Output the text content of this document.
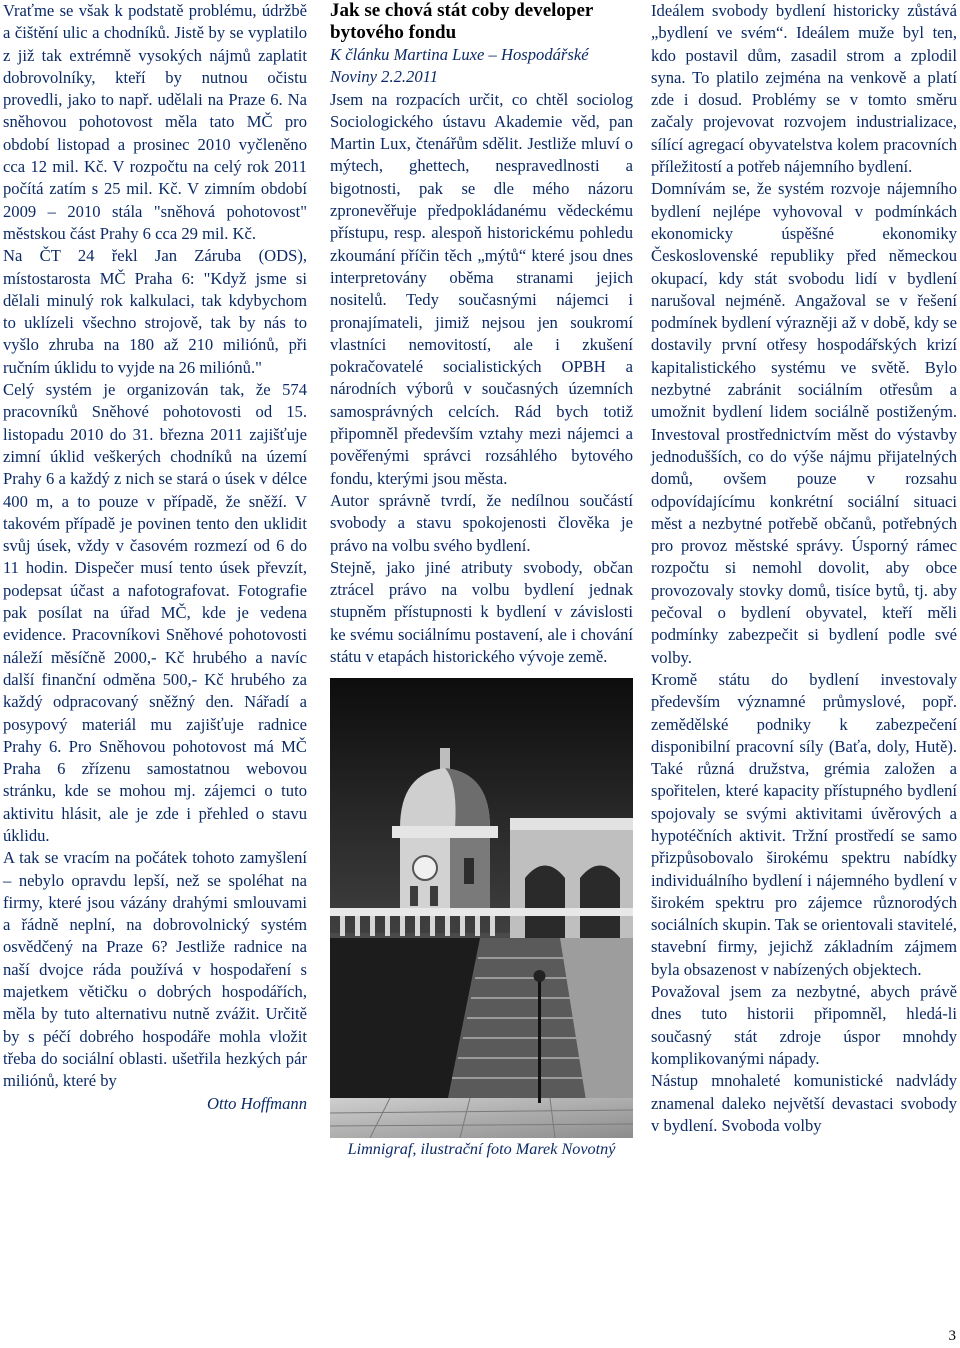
Vraťme se však k podstatě problému, údržbě a čištění ulic a chodníků. Jistě by se vyplatilo z již tak extrémně vysokých nájmů zaplatit dobrovolníky, kteří by nutnou očistu provedli, jako to např. udělali na Praze 6. Na sněhovou pohotovost měla tato MČ pro období listopad a prosinec 2010 vyčleněno cca 12 mil. Kč. V rozpočtu na celý rok 2011 počítá zatím s 25 mil. Kč. V zimním období 2009 – 2010 stála "sněhová pohotovost" městskou část Prahy 6 cca 29 mil. Kč.

Na ČT 24 řekl Jan Záruba (ODS), místostarosta MČ Praha 6: "Když jsme si dělali minulý rok kalkulaci, tak kdybychom to uklízeli všechno strojově, tak by nás to vyšlo zhruba na 180 až 210 miliónů, při ručním úklidu to vyjde na 26 miliónů."

Celý systém je organizován tak, že 574 pracovníků Sněhové pohotovosti od 15. listopadu 2010 do 31. března 2011 zajišťuje zimní úklid veškerých chodníků na území Prahy 6 a každý z nich se stará o úsek v délce 400 m, a to pouze v případě, že sněží. V takovém případě je povinen tento den uklidit svůj úsek, vždy v časovém rozmezí od 6 do 11 hodin. Dispečer musí tento úsek převzít, podepsat účast a nafotografovat. Fotografie pak posílat na úřad MČ, kde je vedena evidence. Pracovníkovi Sněhové pohotovosti náleží měsíčně 2000,- Kč hrubého a navíc další finanční odměna 500,- Kč hrubého za každý odpracovaný sněžný den. Nářadí a posypový materiál mu zajišťuje radnice Prahy 6. Pro Sněhovou pohotovost má MČ Praha 6 zřízenu samostatnou webovou stránku, kde se mohou mj. zájemci o tuto aktivitu hlásit, ale je zde i přehled o stavu úklidu.

A tak se vracím na počátek tohoto zamyšlení – nebylo opravdu lepší, než se spoléhat na firmy, které jsou vázány drahými smlouvami a řádně neplní, na dobrovolnický systém osvědčený na Praze 6? Jestliže radnice na naší dvojce ráda používá v hospodaření s majetkem větičku o dobrých hospodářích, měla by tuto alternativu nutně zvážit. Určitě by s péčí dobrého hospodáře mohla vložit třeba do sociální oblasti. ušetřila hezkých pár miliónů, které by

Otto Hoffmann

Jak se chová stát coby developer bytového fondu

K článku Martina Luxe – Hospodářské Noviny 2.2.2011

Jsem na rozpacích určit, co chtěl sociolog Sociologického ústavu Akademie věd, pan Martin Lux, čtenářům sdělit. Jestliže mluví o mýtech, ghettech, nespravedlnosti a bigotnosti, pak se dle mého názoru zpronevěřuje předpokládanému vědeckému přístupu, resp. alespoň historickému pohledu zkoumání příčin těch „mýtů“ které jsou dnes interpretovány oběma stranami jejich nositelů. Tedy současnými nájemci i pronajímateli, jimiž nejsou jen soukromí vlastníci nemovitostí, ale i zkušení pokračovatelé socialistických OPBH a národních výborů v současných územních samosprávných celcích. Rád bych totiž připomněl především vztahy mezi nájemci a pověřenými správci rozsáhlého bytového fondu, kterými jsou města.

Autor správně tvrdí, že nedílnou součástí svobody a stavu spokojenosti člověka je právo na volbu svého bydlení.

Stejně, jako jiné atributy svobody, občan ztrácel právo na volbu bydlení jednak stupněm přístupnosti k bydlení v závislosti ke svému sociálnímu postavení, ale i chování státu v etapách historického vývoje země.

Limnigraf, ilustrační foto Marek Novotný

Ideálem svobody bydlení historicky zůstává „bydlení ve svém“. Ideálem muže byl ten, kdo postavil dům, zasadil strom a zplodil syna. To platilo zejména na venkově a platí zde i dosud. Problémy se v tomto směru začaly projevovat rozvojem industrializace, sílící agregací obyvatelstva kolem pracovních příležitostí a potřeb nájemního bydlení.

Domnívám se, že systém rozvoje nájemního bydlení nejlépe vyhovoval v podmínkách ekonomicky úspěšné ekonomiky Československé republiky před německou okupací, kdy stát svobodu lidí v bydlení narušoval nejméně. Angažoval se v řešení podmínek bydlení výrazněji až v době, kdy se dostavily první otřesy hospodářských krizí kapitalistického systému ve světě. Bylo nezbytné zabránit sociálním otřesům a umožnit bydlení lidem sociálně postiženým. Investoval prostřednictvím měst do výstavby jednodušších, co do výše nájmu přijatelných domů, ovšem pouze v rozsahu odpovídajícímu konkrétní sociální situaci měst a nezbytné potřebě občanů, potřebných pro provoz městské správy. Úsporný rámec rozpočtu si nemohl dovolit, aby obce provozovaly stovky domů, tisíce bytů, tj. aby pečoval o bydlení obyvatel, kteří měli podmínky zabezpečit si bydlení podle své volby.

Kromě státu do bydlení investovaly především významné průmyslové, popř. zemědělské podniky k zabezpečení disponibilní pracovní síly (Baťa, doly, Hutě). Také různá družstva, grémia založen a spořitelen, které kapacity přístupného bydlení spojovaly se svými aktivitami úvěrových a hypotéčních aktivit. Tržní prostředí se samo přizpůsobovalo širokému spektru nabídky individuálního bydlení i nájemného bydlení v širokém spektru pro zájemce různorodých sociálních skupin. Tak se orientovali stavitelé, stavební firmy, jejichž základním zájmem byla obsazenost v nabízených objektech.

Považoval jsem za nezbytné, abych právě dnes tuto historii připomněl, hledá-li současný stát zdroje úspor mnohdy komplikovanými nápady.

Nástup mnohaleté komunistické nadvlády znamenal daleko největší devastaci svobody v bydlení. Svoboda volby

3
